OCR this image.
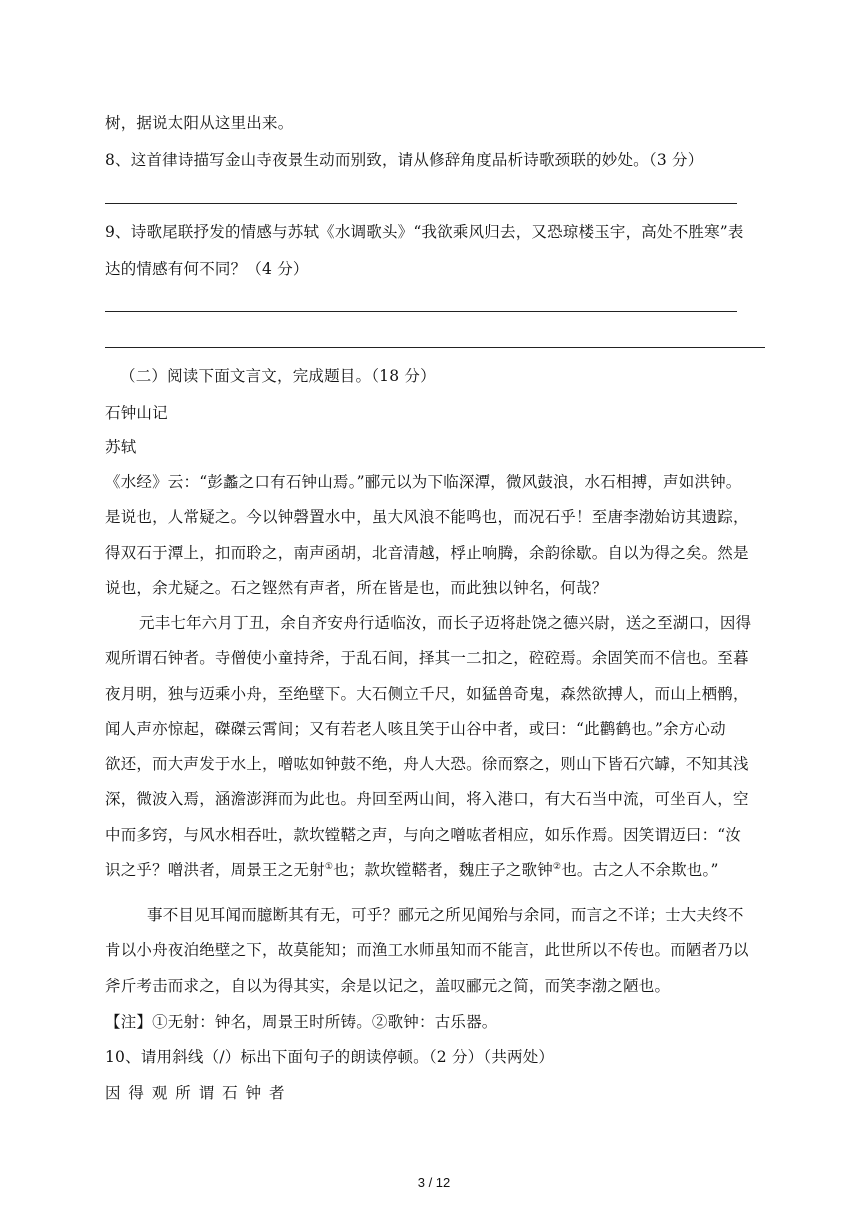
树，据说太阳从这里出来。
8、这首律诗描写金山寺夜景生动而别致，请从修辞角度品析诗歌颈联的妙处。（3 分）
9、诗歌尾联抒发的情感与苏轼《水调歌头》“我欲乘风归去，又恐琼楼玉宇，高处不胜寒”表
达的情感有何不同？（4 分）
（二）阅读下面文言文，完成题目。（18 分）
石钟山记
苏轼
《水经》云：“彭蠡之口有石钟山焉。”郦元以为下临深潭，微风鼓浪，水石相搏，声如洪钟。
是说也，人常疑之。今以钟磬置水中，虽大风浪不能鸣也，而况石乎！至唐李渤始访其遗踪，
得双石于潭上，扣而聆之，南声函胡，北音清越，桴止响腾，余韵徐歇。自以为得之矣。然是
说也，余尤疑之。石之铿然有声者，所在皆是也，而此独以钟名，何哉？
元丰七年六月丁丑，余自齐安舟行适临汝，而长子迈将赴饶之德兴尉，送之至湖口，因得
观所谓石钟者。寺僧使小童持斧，于乱石间，择其一二扣之，硿硿焉。余固笑而不信也。至暮
夜月明，独与迈乘小舟，至绝壁下。大石侧立千尺，如猛兽奇鬼，森然欲搏人，而山上栖鹘，
闻人声亦惊起，磔磔云霄间；又有若老人咳且笑于山谷中者，或曰：“此鹳鹤也。”余方心动
欲还，而大声发于水上，噌吰如钟鼓不绝，舟人大恐。徐而察之，则山下皆石穴罅，不知其浅
深，微波入焉，涵澹澎湃而为此也。舟回至两山间，将入港口，有大石当中流，可坐百人，空
中而多窍，与风水相吞吐，款坎镗鞳之声，与向之噌吰者相应，如乐作焉。因笑谓迈曰：“汝
识之乎？噌洪者，周景王之无射①也；款坎镗鞳者，魏庄子之歌钟②也。古之人不余欺也。”
事不目见耳闻而臆断其有无，可乎？郦元之所见闻殆与余同，而言之不详；士大夫终不
肯以小舟夜泊绝壁之下，故莫能知；而渔工水师虽知而不能言，此世所以不传也。而陋者乃以
斧斤考击而求之，自以为得其实，余是以记之，盖叹郦元之简，而笑李渤之陋也。
【注】①无射：钟名，周景王时所铸。②歌钟：古乐器。
10、请用斜线（/）标出下面句子的朗读停顿。（2 分）（共两处）
因 得 观 所 谓 石 钟 者
3 / 12
